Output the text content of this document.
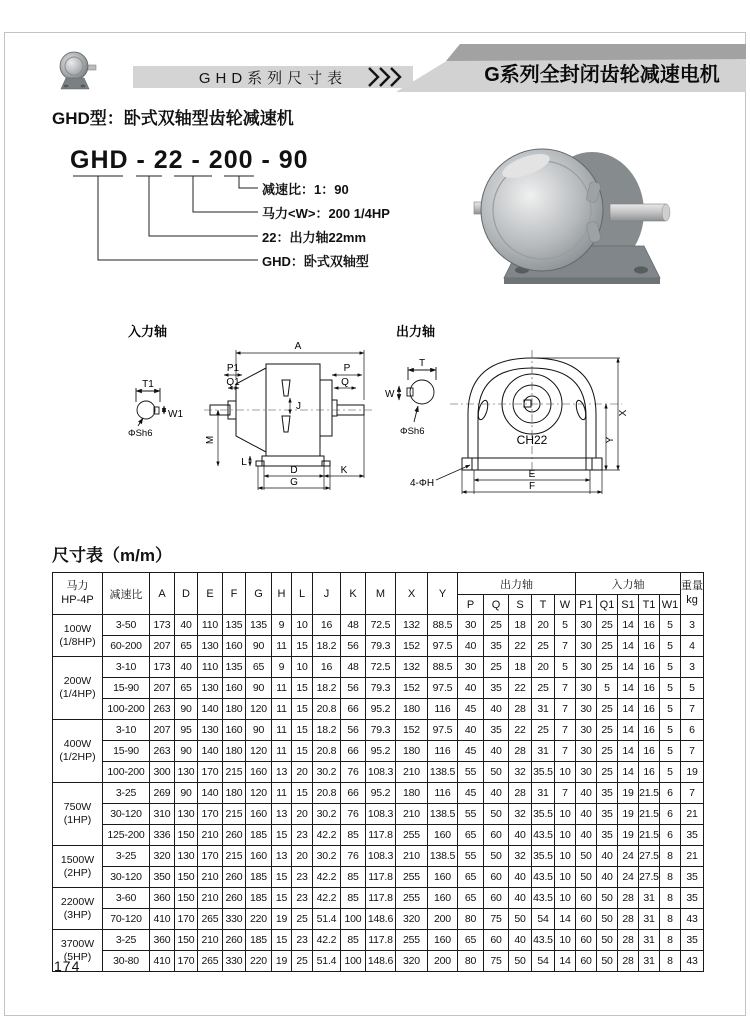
GHD系列尺寸表	G系列全封闭齿轮减速电机
GHD型：卧式双轴型齿轮减速机
GHD - 22 - 200 - 90
减速比：1：90
马力<W>：200 1/4HP
22：出力轴22mm
GHD：卧式双轴型
入力轴
T1
W1
ΦSh6
A
P1
Q1
P
Q
M
J
L
D	K
G
出力轴
T
W
ΦSh6
CH22
X
Y
E
F
4-ΦH
尺寸表（m/m）
马力
HP-4P	减速比	A	D	E	F	G	H	L	J	K	M	X	Y	出力轴					入力轴					重量
kg

														P	Q	S	T	W	P1	Q1	S1	T1	W1	

100W
(1/8HP)	3-50	173	40	110	135	135	9	10	16	48	72.5	132	88.5	30	25	18	20	5	30	25	14	16	5	3
	60-200	207	65	130	160	90	11	15	18.2	56	79.3	152	97.5	40	35	22	25	7	30	25	14	16	5	4

200W
(1/4HP)	3-10	173	40	110	135	65	9	10	16	48	72.5	132	88.5	30	25	18	20	5	30	25	14	16	5	3
	15-90	207	65	130	160	90	11	15	18.2	56	79.3	152	97.5	40	35	22	25	7	30	5	14	16	5	5
	100-200	263	90	140	180	120	11	15	20.8	66	95.2	180	116	45	40	28	31	7	30	25	14	16	5	7

400W
(1/2HP)	3-10	207	95	130	160	90	11	15	18.2	56	79.3	152	97.5	40	35	22	25	7	30	25	14	16	5	6
	15-90	263	90	140	180	120	11	15	20.8	66	95.2	180	116	45	40	28	31	7	30	25	14	16	5	7
	100-200	300	130	170	215	160	13	20	30.2	76	108.3	210	138.5	55	50	32	35.5	10	30	25	14	16	5	19

750W
(1HP)	3-25	269	90	140	180	120	11	15	20.8	66	95.2	180	116	45	40	28	31	7	40	35	19	21.5	6	7
	30-120	310	130	170	215	160	13	20	30.2	76	108.3	210	138.5	55	50	32	35.5	10	40	35	19	21.5	6	21
	125-200	336	150	210	260	185	15	23	42.2	85	117.8	255	160	65	60	40	43.5	10	40	35	19	21.5	6	35

1500W
(2HP)	3-25	320	130	170	215	160	13	20	30.2	76	108.3	210	138.5	55	50	32	35.5	10	50	40	24	27.5	8	21
	30-120	350	150	210	260	185	15	23	42.2	85	117.8	255	160	65	60	40	43.5	10	50	40	24	27.5	8	35

2200W
(3HP)	3-60	360	150	210	260	185	15	23	42.2	85	117.8	255	160	65	60	40	43.5	10	60	50	28	31	8	35
	70-120	410	170	265	330	220	19	25	51.4	100	148.6	320	200	80	75	50	54	14	60	50	28	31	8	43

3700W
(5HP)	3-25	360	150	210	260	185	15	23	42.2	85	117.8	255	160	65	60	40	43.5	10	60	50	28	31	8	35
	30-80	410	170	265	330	220	19	25	51.4	100	148.6	320	200	80	75	50	54	14	60	50	28	31	8	43
174
